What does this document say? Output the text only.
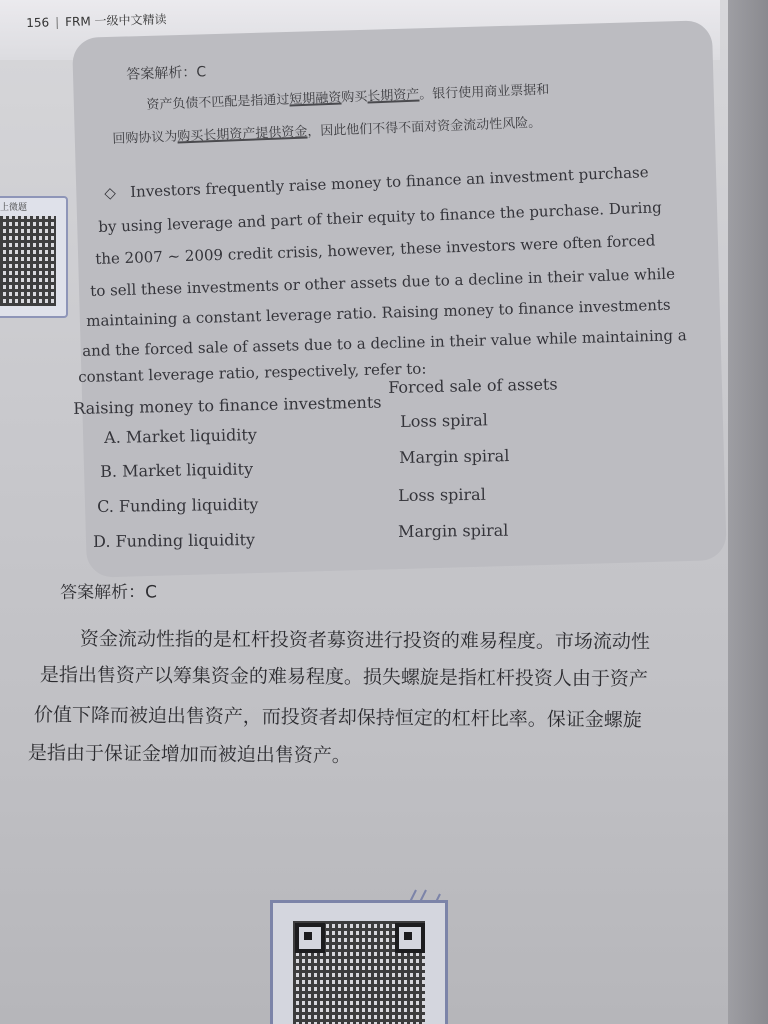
156 | FRM 一级中文精读
答案解析：C
资产负债不匹配是指通过短期融资购买长期资产。银行使用商业票据和
回购协议为购买长期资产提供资金，因此他们不得不面对资金流动性风险。
◇ Investors frequently raise money to finance an investment purchase
by using leverage and part of their equity to finance the purchase. During
the 2007 ~ 2009 credit crisis, however, these investors were often forced
to sell these investments or other assets due to a decline in their value while
maintaining a constant leverage ratio. Raising money to finance investments
and the forced sale of assets due to a decline in their value while maintaining a
constant leverage ratio, respectively, refer to:
Raising money to finance investments
Forced sale of assets
A. Market liquidity
Loss spiral
B. Market liquidity
Margin spiral
C. Funding liquidity	Loss spiral
D. Funding liquidity	Margin spiral
答案解析：C
资金流动性指的是杠杆投资者募资进行投资的难易程度。市场流动性
是指出售资产以筹集资金的难易程度。损失螺旋是指杠杆投资人由于资产
价值下降而被迫出售资产，而投资者却保持恒定的杠杆比率。保证金螺旋
是指由于保证金增加而被迫出售资产。
上微题
